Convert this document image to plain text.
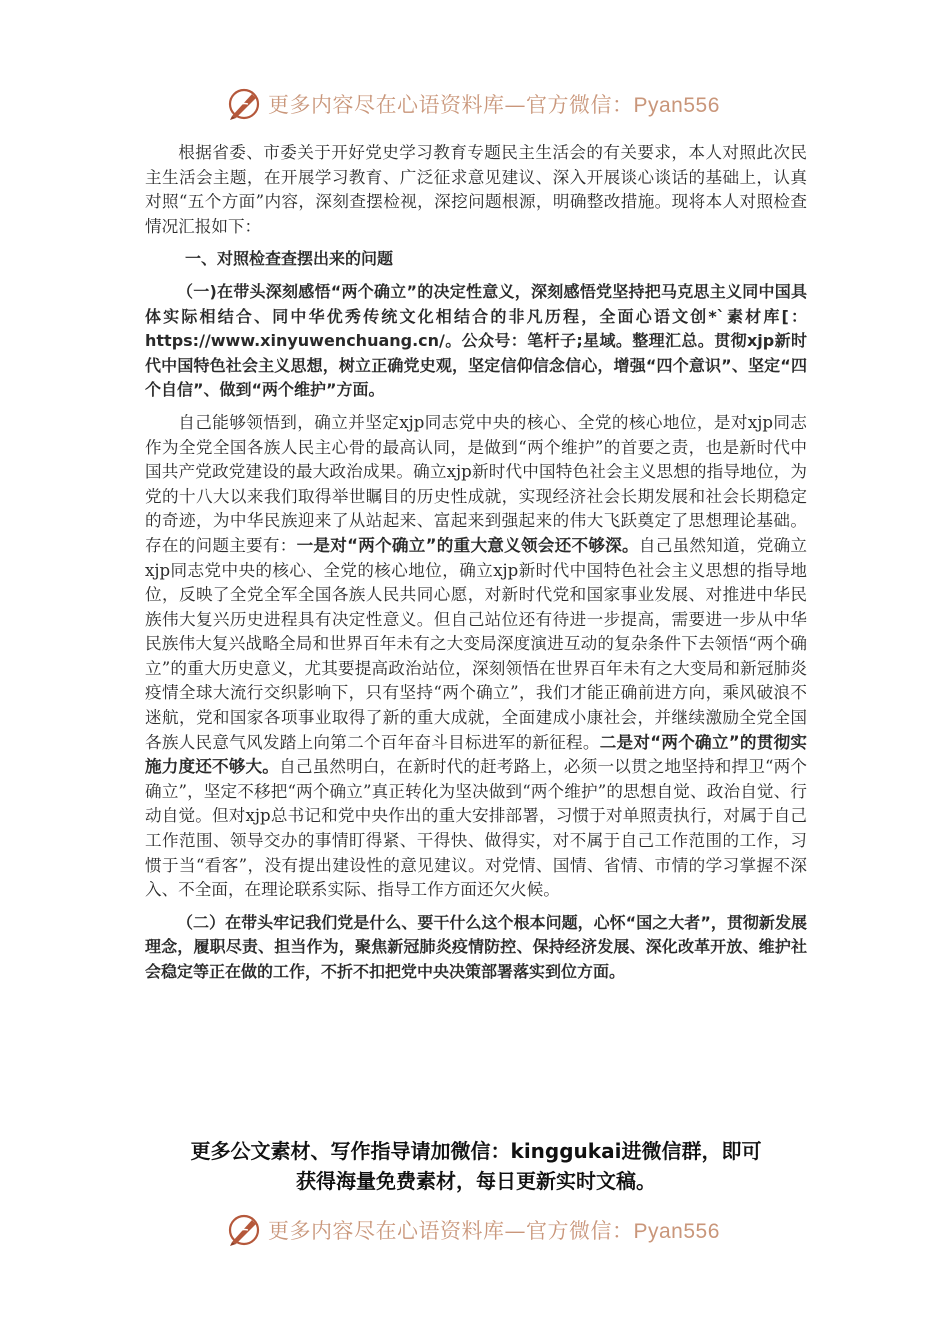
更多内容尽在心语资料库—官方微信：Pyan556

根据省委、市委关于开好党史学习教育专题民主生活会的有关要求，本人对照此次民主生活会主题，在开展学习教育、广泛征求意见建议、深入开展谈心谈话的基础上，认真对照“五个方面”内容，深刻查摆检视，深挖问题根源，明确整改措施。现将本人对照检查情况汇报如下：

一、对照检查查摆出来的问题

（一)在带头深刻感悟“两个确立”的决定性意义，深刻感悟党坚持把马克思主义同中国具体实际相结合、同中华优秀传统文化相结合的非凡历程，全面心语文创*`素材库[：https://www.xinyuwenchuang.cn/。公众号：笔杆子;星域。整理汇总。贯彻xjp新时代中国特色社会主义思想，树立正确党史观，坚定信仰信念信心，增强“四个意识”、坚定“四个自信”、做到“两个维护”方面。

自己能够领悟到，确立并坚定xjp同志党中央的核心、全党的核心地位，是对xjp同志作为全党全国各族人民主心骨的最高认同，是做到“两个维护”的首要之责，也是新时代中国共产党政党建设的最大政治成果。确立xjp新时代中国特色社会主义思想的指导地位，为党的十八大以来我们取得举世瞩目的历史性成就，实现经济社会长期发展和社会长期稳定的奇迹，为中华民族迎来了从站起来、富起来到强起来的伟大飞跃奠定了思想理论基础。存在的问题主要有：一是对“两个确立”的重大意义领会还不够深。自己虽然知道，党确立xjp同志党中央的核心、全党的核心地位，确立xjp新时代中国特色社会主义思想的指导地位，反映了全党全军全国各族人民共同心愿，对新时代党和国家事业发展、对推进中华民族伟大复兴历史进程具有决定性意义。但自己站位还有待进一步提高，需要进一步从中华民族伟大复兴战略全局和世界百年未有之大变局深度演进互动的复杂条件下去领悟“两个确立”的重大历史意义，尤其要提高政治站位，深刻领悟在世界百年未有之大变局和新冠肺炎疫情全球大流行交织影响下，只有坚持“两个确立”，我们才能正确前进方向，乘风破浪不迷航，党和国家各项事业取得了新的重大成就，全面建成小康社会，并继续激励全党全国各族人民意气风发踏上向第二个百年奋斗目标进军的新征程。二是对“两个确立”的贯彻实施力度还不够大。自己虽然明白，在新时代的赶考路上，必须一以贯之地坚持和捍卫“两个确立”，坚定不移把“两个确立”真正转化为坚决做到“两个维护”的思想自觉、政治自觉、行动自觉。但对xjp总书记和党中央作出的重大安排部署，习惯于对单照责执行，对属于自己工作范围、领导交办的事情盯得紧、干得快、做得实，对不属于自己工作范围的工作，习惯于当“看客”，没有提出建设性的意见建议。对党情、国情、省情、市情的学习掌握不深入、不全面，在理论联系实际、指导工作方面还欠火候。

（二）在带头牢记我们党是什么、要干什么这个根本问题，心怀“国之大者”，贯彻新发展理念，履职尽责、担当作为，聚焦新冠肺炎疫情防控、保持经济发展、深化改革开放、维护社会稳定等正在做的工作，不折不扣把党中央决策部署落实到位方面。

更多公文素材、写作指导请加微信：kinggukai进微信群，即可
获得海量免费素材，每日更新实时文稿。
更多内容尽在心语资料库—官方微信：Pyan556
